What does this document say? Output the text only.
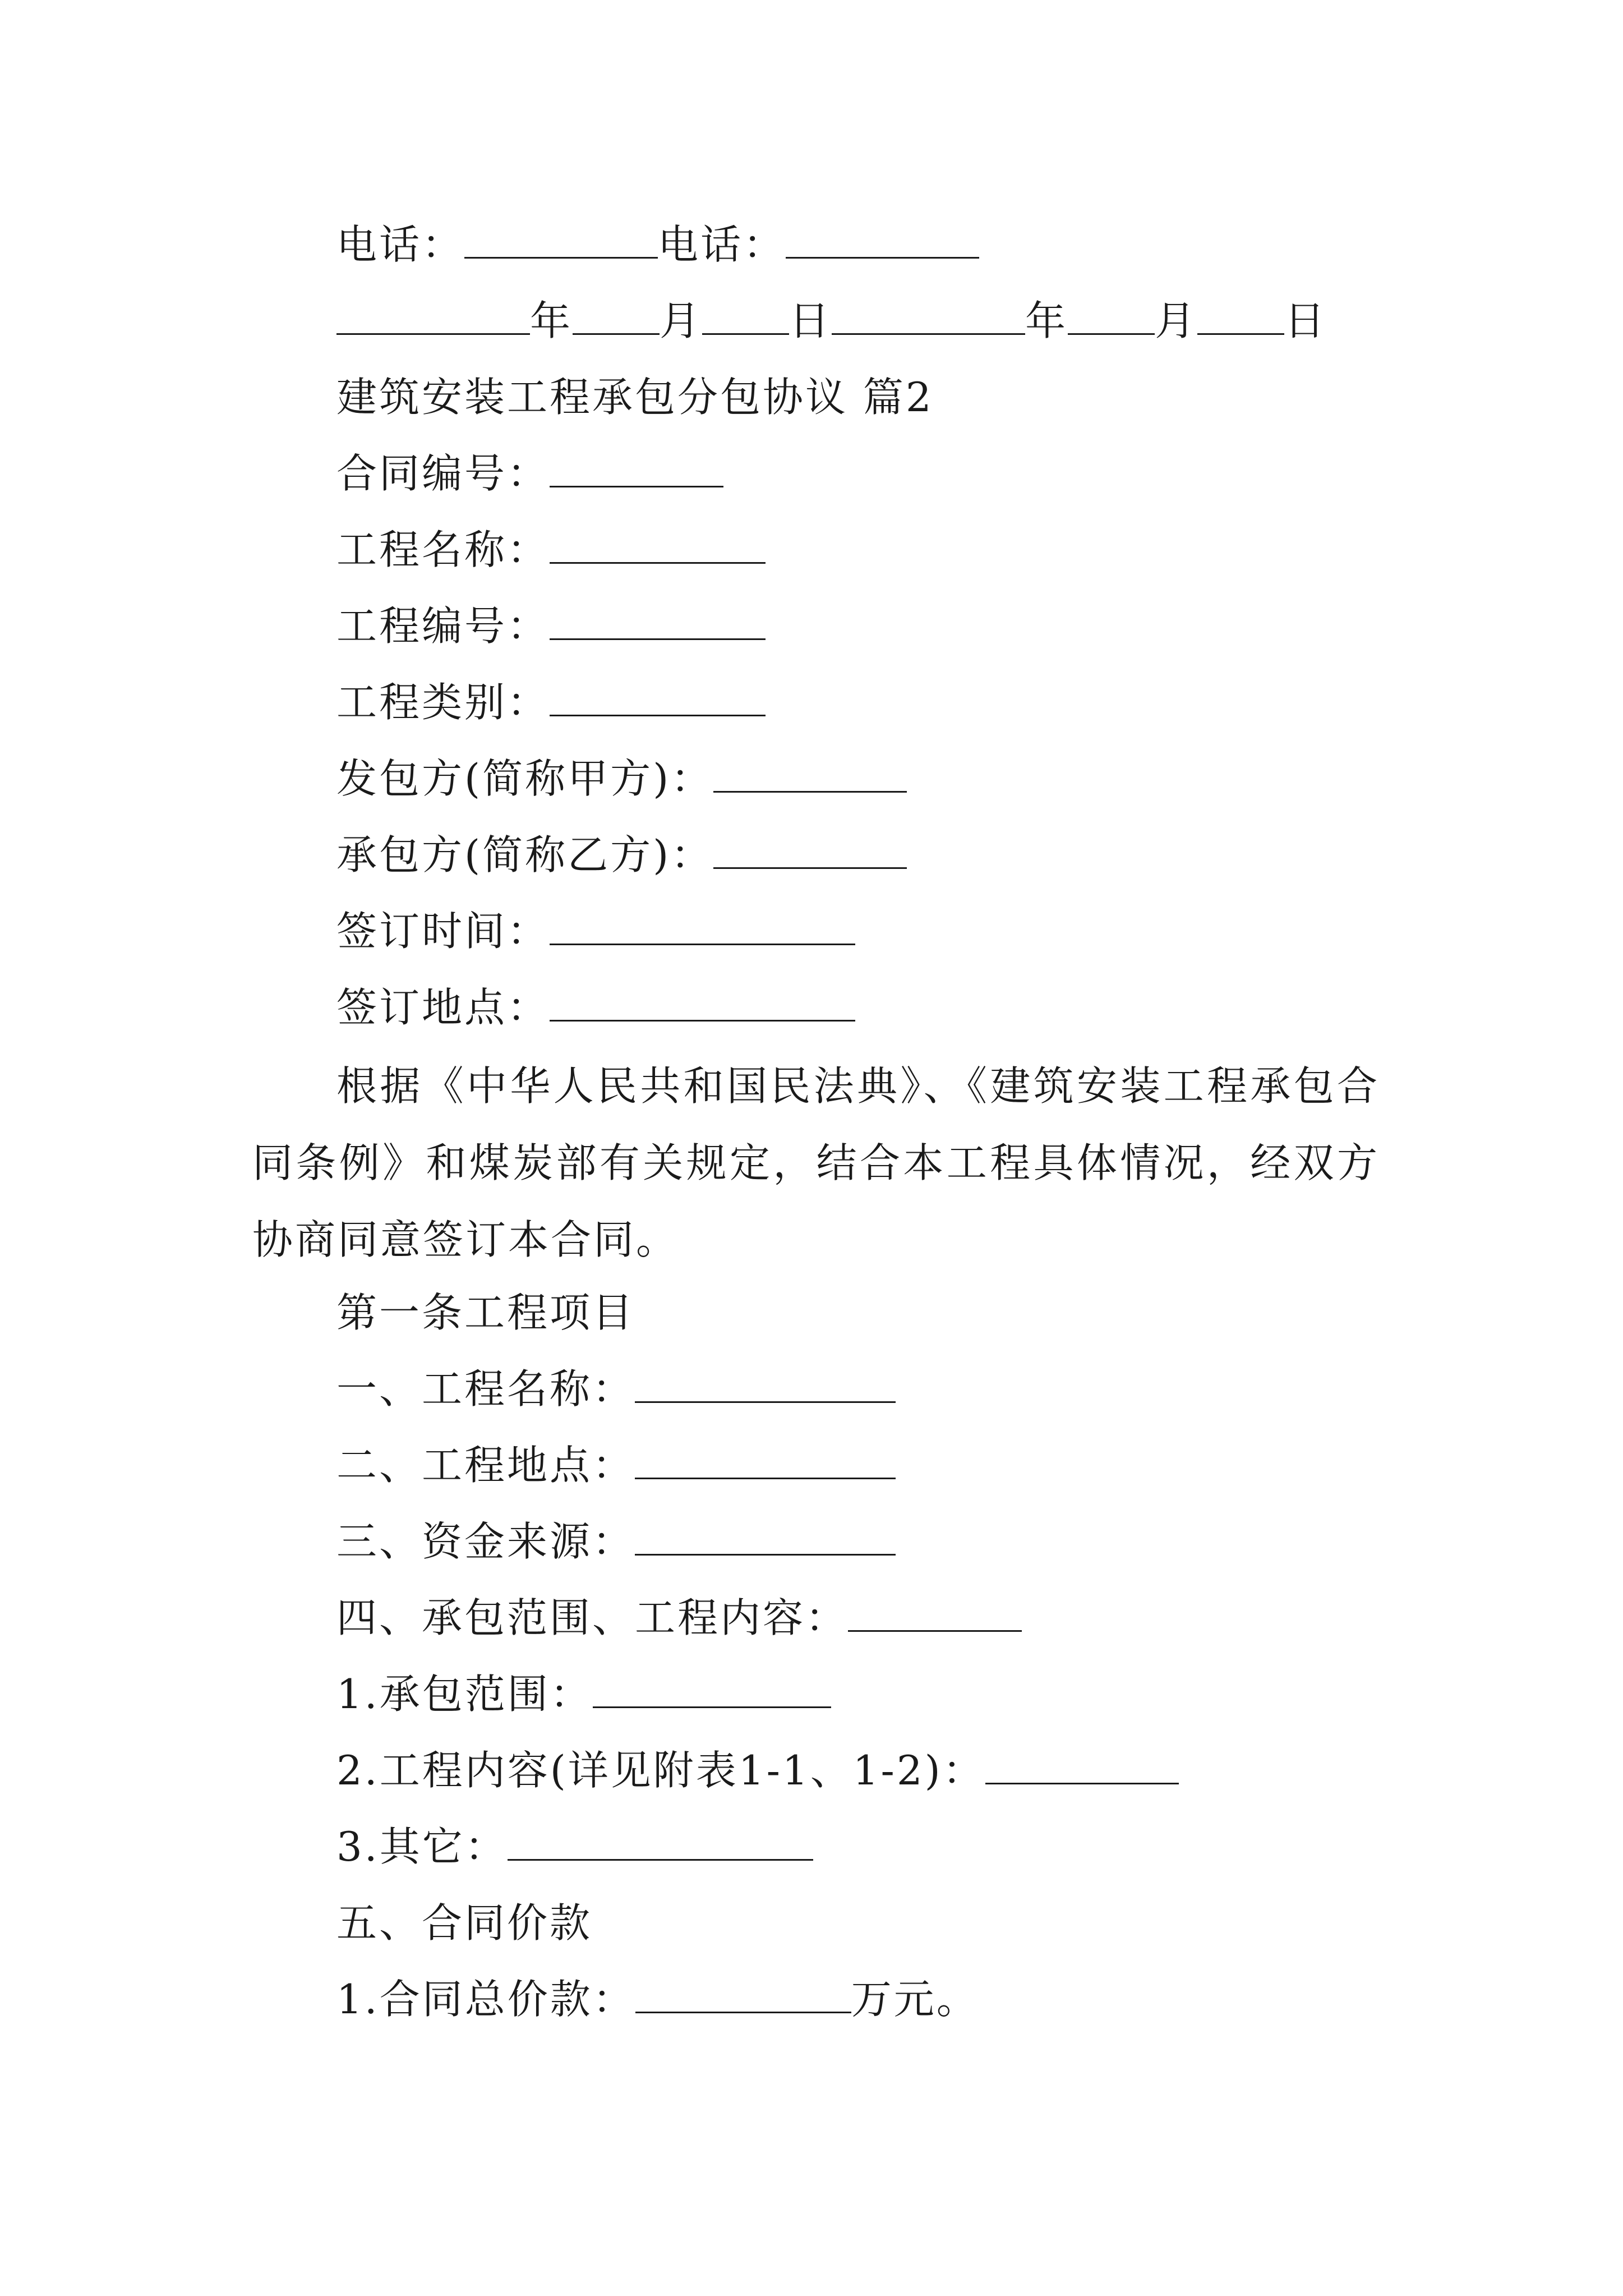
电话：	电话：
年 月 日	年 月 日
建筑安装工程承包分包协议 篇2
合同编号：
工程名称：
工程编号：
工程类别：
发包方(简称甲方)：
承包方(简称乙方)：
签订时间：
签订地点：
根据《中华人民共和国民法典》、《建筑安装工程承包合同条例》和煤炭部有关规定，结合本工程具体情况，经双方协商同意签订本合同。
第一条工程项目
一、工程名称：
二、工程地点：
三、资金来源：
四、承包范围、工程内容：
1.承包范围：
2.工程内容(详见附表1-1、1-2)：
3.其它：
五、合同价款
1.合同总价款：	万元。
